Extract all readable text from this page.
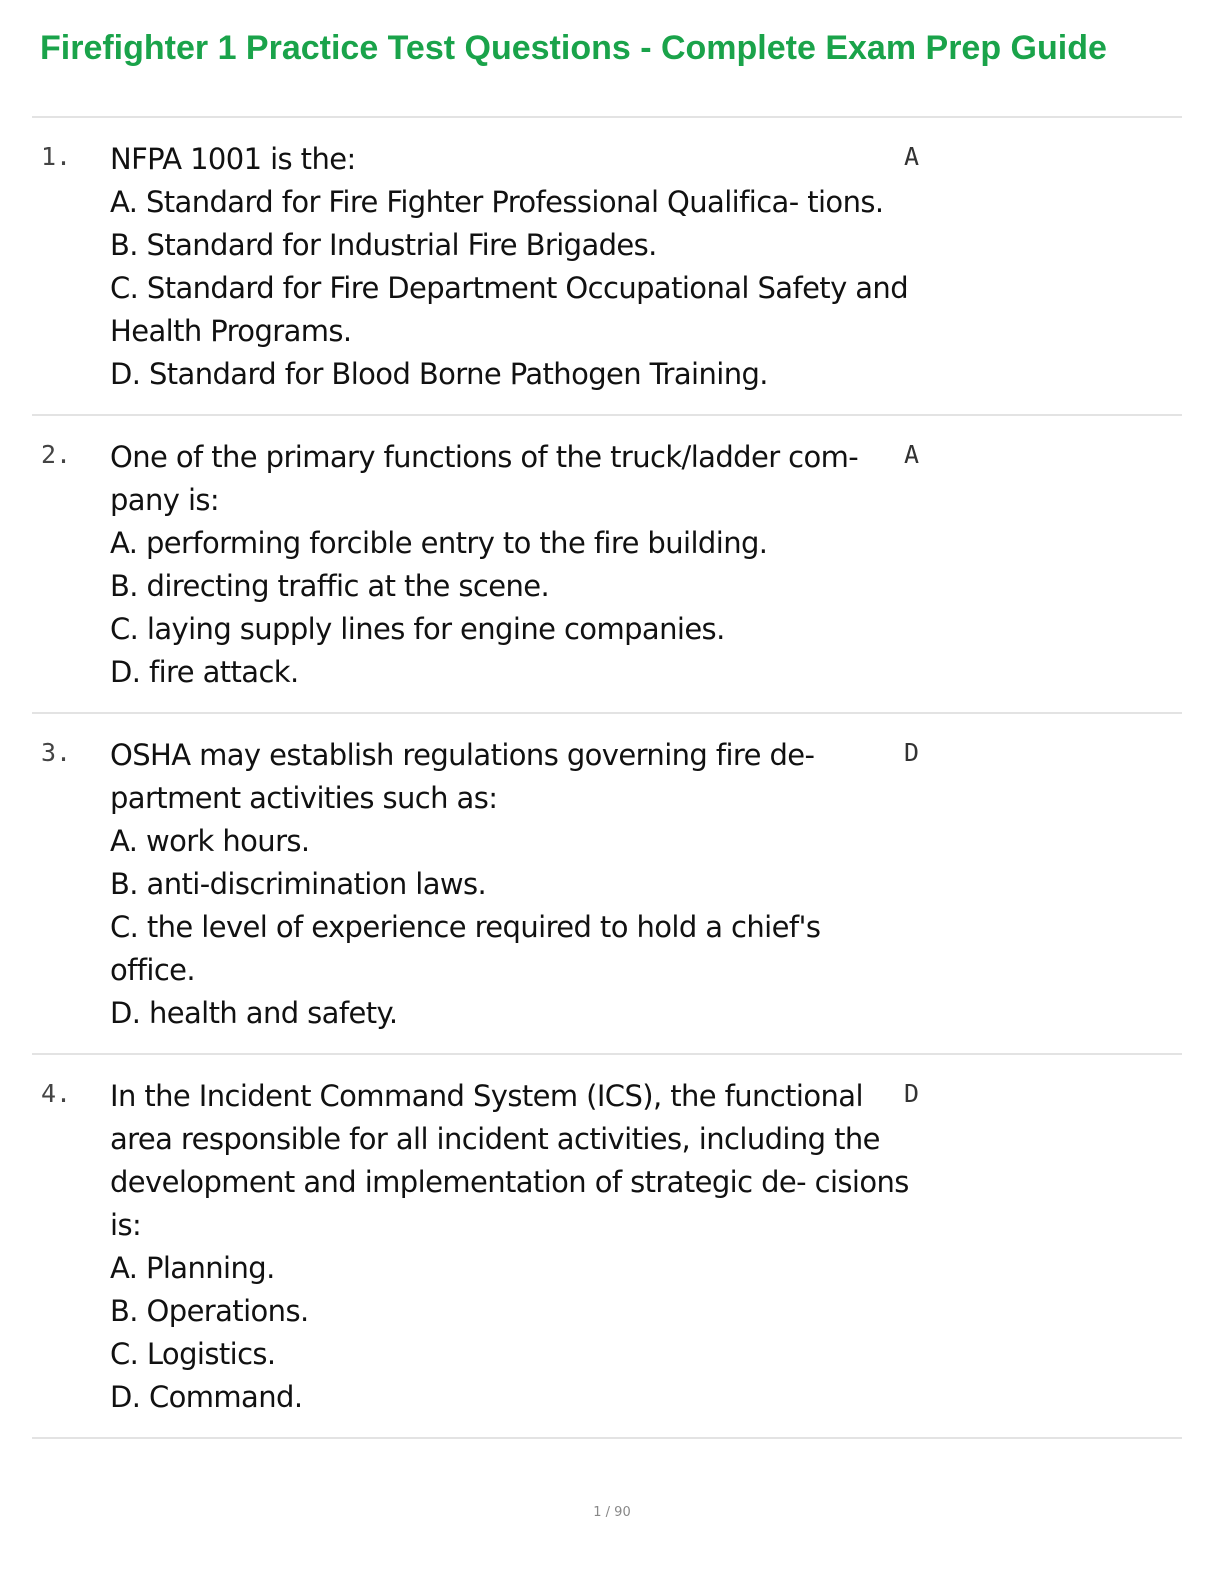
Firefighter 1 Practice Test Questions - Complete Exam Prep Guide
1. NFPA 1001 is the:

A. Standard for Fire Fighter Professional Qualifica- tions.

B. Standard for Industrial Fire Brigades.

C. Standard for Fire Department Occupational Safety and Health Programs.

D. Standard for Blood Borne Pathogen Training.

A
2. One of the primary functions of the truck/ladder com- pany is:

A. performing forcible entry to the fire building.

B. directing traffic at the scene.

C. laying supply lines for engine companies.

D. fire attack.

A
3. OSHA may establish regulations governing fire de- partment activities such as:

A. work hours.

B. anti-discrimination laws.

C. the level of experience required to hold a chief's office.

D. health and safety.

D
4. In the Incident Command System (ICS), the functional area responsible for all incident activities, including the development and implementation of strategic de- cisions is:

A. Planning.

B. Operations.

C. Logistics.

D. Command.

D
1 / 90
